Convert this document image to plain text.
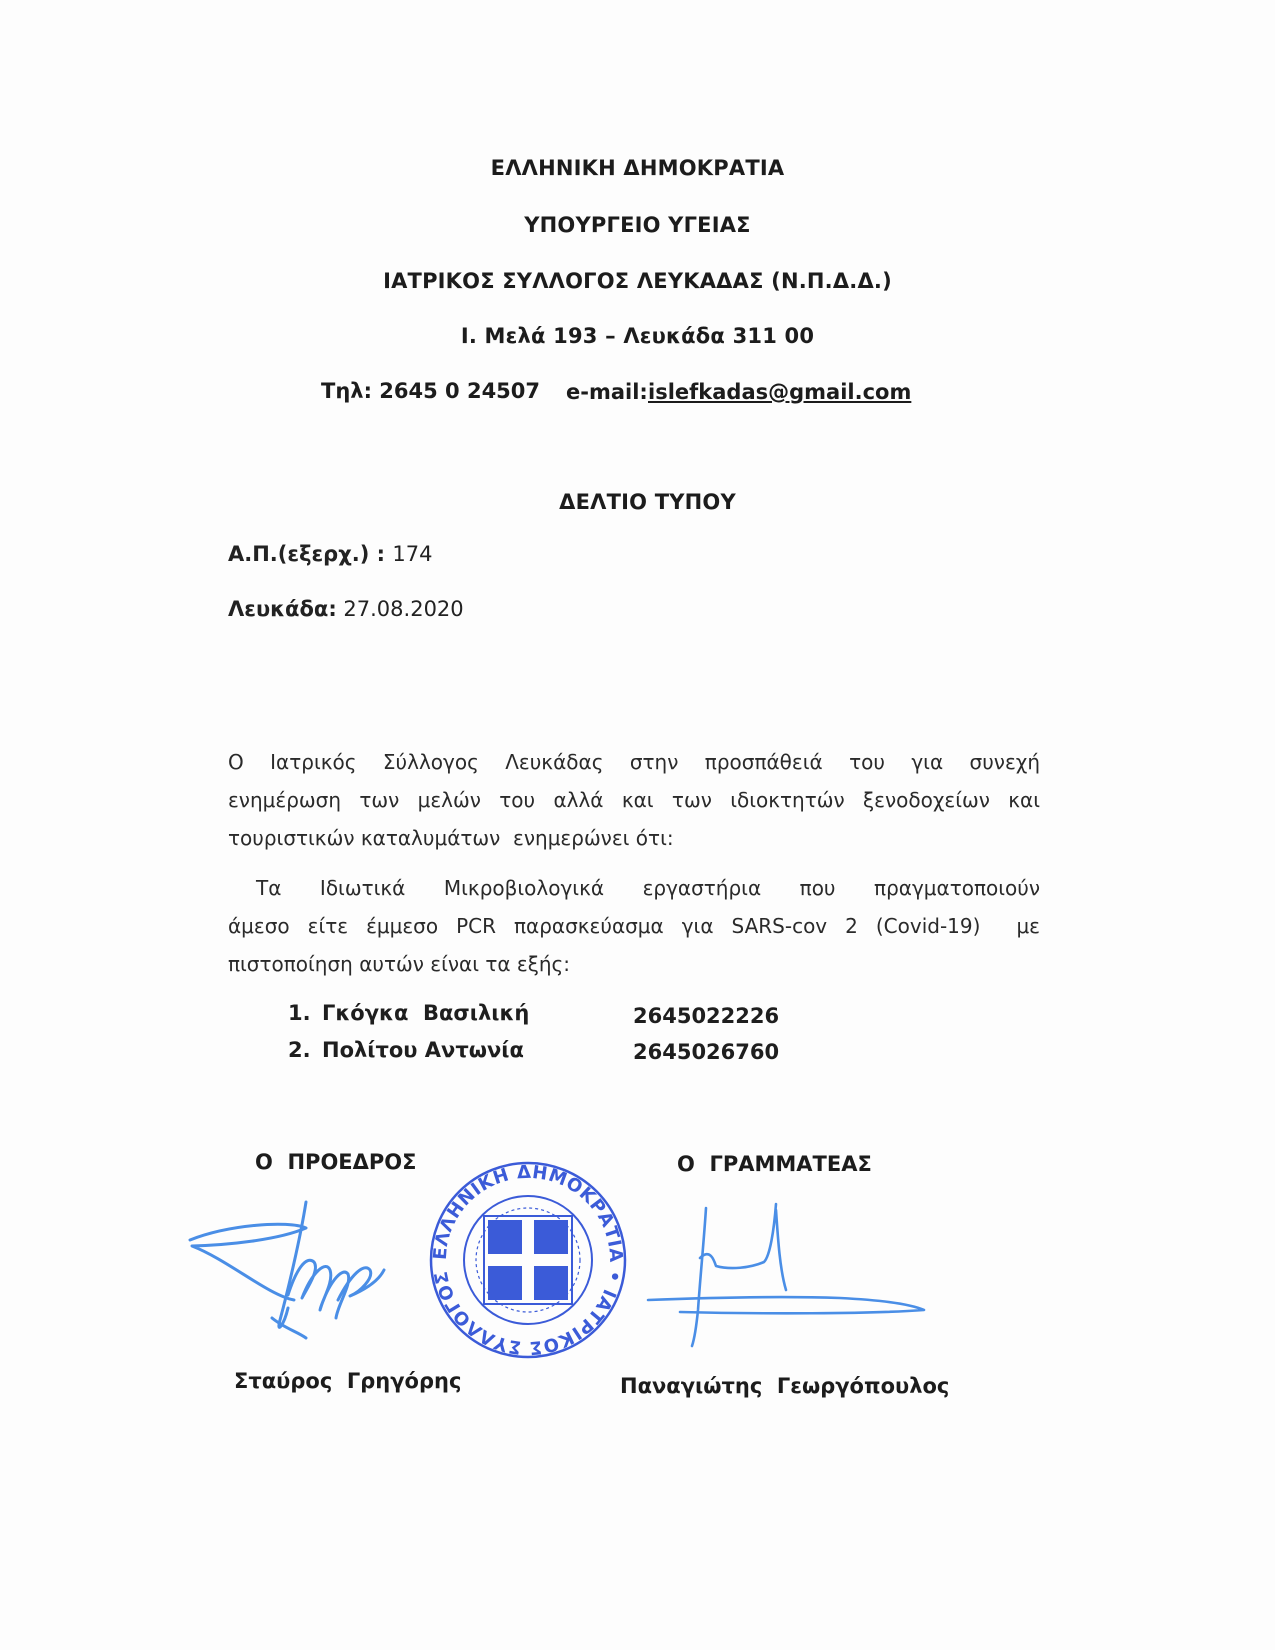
ΕΛΛΗΝΙΚΗ ΔΗΜΟΚΡΑΤΙΑ
ΥΠΟΥΡΓΕΙΟ ΥΓΕΙΑΣ
ΙΑΤΡΙΚΟΣ ΣΥΛΛΟΓΟΣ ΛΕΥΚΑΔΑΣ (Ν.Π.Δ.Δ.)
Ι. Μελά 193 – Λευκάδα 311 00
Τηλ: 2645 0 24507 e-mail: islefkadas@gmail.com
ΔΕΛΤΙΟ ΤΥΠΟΥ
Α.Π.(εξερχ.) : 174
Λευκάδα: 27.08.2020
Ο Ιατρικός Σύλλογος Λευκάδας στην προσπάθειά του για συνεχή
ενημέρωση των μελών του αλλά και των ιδιοκτητών ξενοδοχείων και
τουριστικών καταλυμάτων  ενημερώνει ότι:
Τα Ιδιωτικά Μικροβιολογικά εργαστήρια που πραγματοποιούν
άμεσο είτε έμμεσο PCR παρασκεύασμα για SARS-cov 2 (Covid-19)  με
πιστοποίηση αυτών είναι τα εξής:
1. Γκόγκα  Βασιλική	2645022226
2. Πολίτου Αντωνία	2645026760
Ο  ΠΡΟΕΔΡΟΣ	Ο  ΓΡΑΜΜΑΤΕΑΣ
ΕΛΛΗΝΙΚΗ ΔΗΜΟΚΡΑΤΙΑ • ΙΑΤΡΙΚΟΣ ΣΥΛΛΟΓΟΣ ΛΕΥΚΑΔΑΣ •
Σταύρος  Γρηγόρης	Παναγιώτης  Γεωργόπουλος
